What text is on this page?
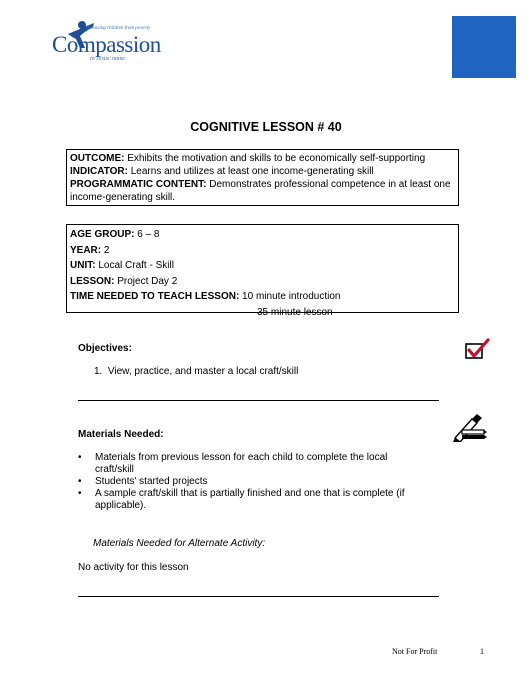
Releasing children from poverty
Compassion
in Jesus' name
COGNITIVE LESSON # 40
OUTCOME: Exhibits the motivation and skills to be economically self-supporting
INDICATOR: Learns and utilizes at least one income-generating skill
PROGRAMMATIC CONTENT: Demonstrates professional competence in at least one income-generating skill.
AGE GROUP: 6 – 8
YEAR: 2
UNIT: Local Craft - Skill
LESSON: Project Day 2
TIME NEEDED TO TEACH LESSON: 10 minute introduction
35 minute lesson
Objectives:
1.  View, practice, and master a local craft/skill
Materials Needed:
• Materials from previous lesson for each child to complete the local craft/skill
• Students' started projects
• A sample craft/skill that is partially finished and one that is complete (if applicable).
Materials Needed for Alternate Activity:
No activity for this lesson
Not For Profit	1
